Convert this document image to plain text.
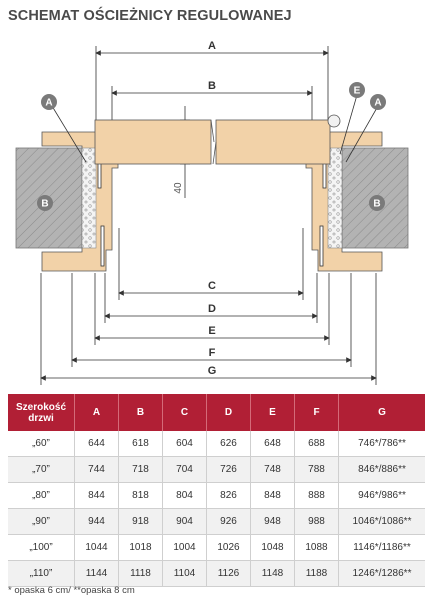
SCHEMAT OŚCIEŻNICY REGULOWANEJ
A
B
E
A
B
A
B
C
D
E
F
G
40
Szerokość drzwi	A	B	C	D	E	F	G
„60”	644	618	604	626	648	688	746*/786**
„70”	744	718	704	726	748	788	846*/886**
„80”	844	818	804	826	848	888	946*/986**
„90”	944	918	904	926	948	988	1046*/1086**
„100”	1044	1018	1004	1026	1048	1088	1146*/1186**
„110”	1144	1118	1104	1126	1148	1188	1246*/1286**
* opaska 6 cm/ **opaska 8 cm
